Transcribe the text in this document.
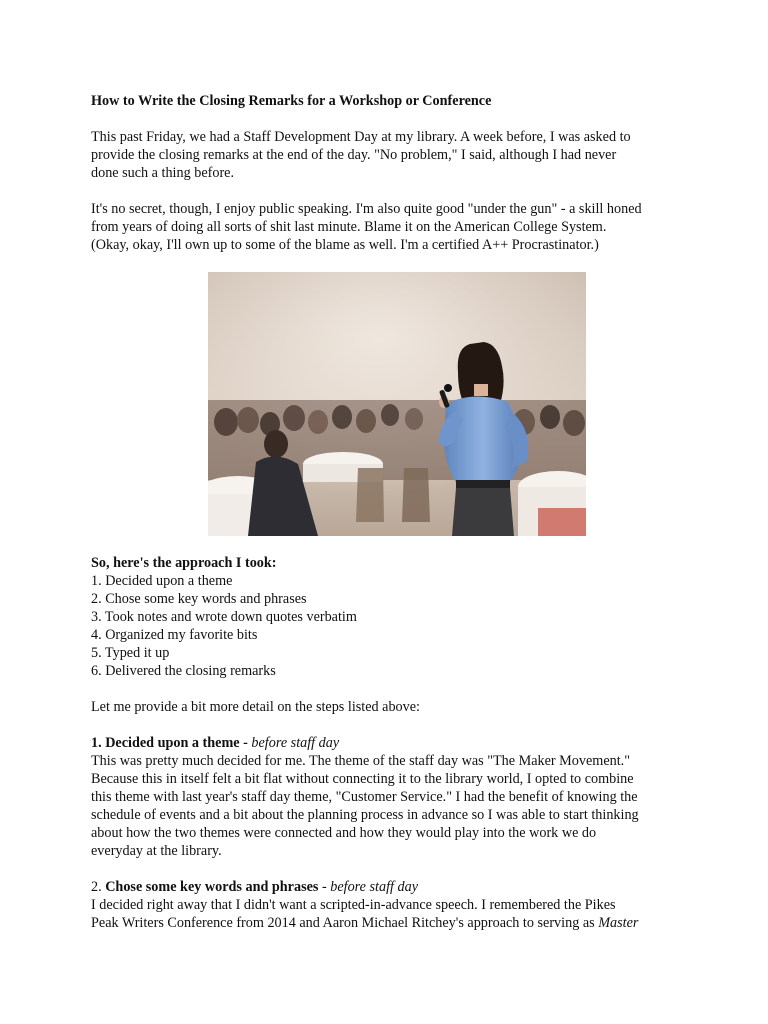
How to Write the Closing Remarks for a Workshop or Conference

This past Friday, we had a Staff Development Day at my library. A week before, I was asked to
provide the closing remarks at the end of the day. "No problem," I said, although I had never
done such a thing before.

It's no secret, though, I enjoy public speaking. I'm also quite good "under the gun" - a skill honed
from years of doing all sorts of shit last minute. Blame it on the American College System.
(Okay, okay, I'll own up to some of the blame as well. I'm a certified A++ Procrastinator.)

So, here's the approach I took:

1. Decided upon a theme
2. Chose some key words and phrases
3. Took notes and wrote down quotes verbatim
4. Organized my favorite bits
5. Typed it up
6. Delivered the closing remarks

Let me provide a bit more detail on the steps listed above:

1. Decided upon a theme - before staff day

This was pretty much decided for me. The theme of the staff day was "The Maker Movement."
Because this in itself felt a bit flat without connecting it to the library world, I opted to combine
this theme with last year's staff day theme, "Customer Service." I had the benefit of knowing the
schedule of events and a bit about the planning process in advance so I was able to start thinking
about how the two themes were connected and how they would play into the work we do
everyday at the library.

2. Chose some key words and phrases - before staff day

I decided right away that I didn't want a scripted-in-advance speech. I remembered the Pikes
Peak Writers Conference from 2014 and Aaron Michael Ritchey's approach to serving as Master
